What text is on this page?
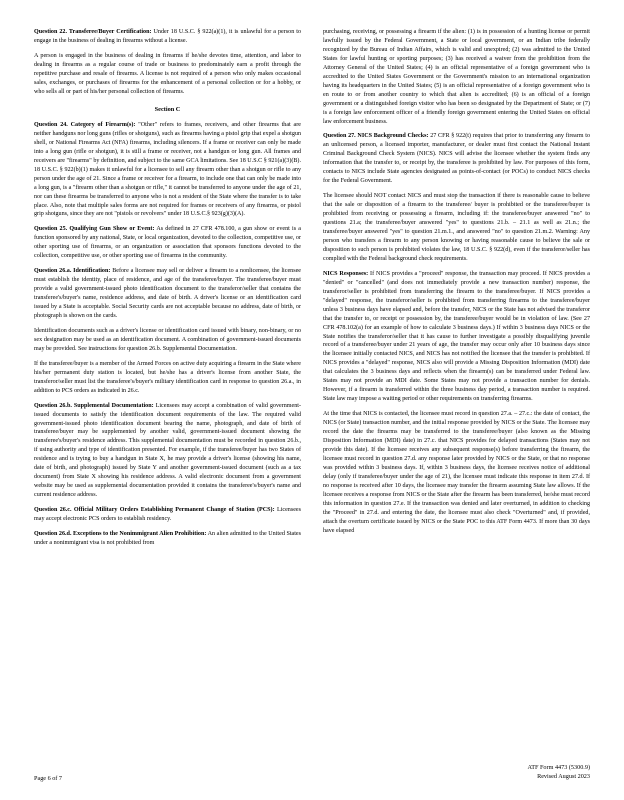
Question 22. Transferee/Buyer Certification: Under 18 U.S.C. § 922(a)(1), it is unlawful for a person to engage in the business of dealing in firearms without a license.

A person is engaged in the business of dealing in firearms if he/she devotes time, attention, and labor to dealing in firearms as a regular course of trade or business to predominately earn a profit through the repetitive purchase and resale of firearms. A license is not required of a person who only makes occasional sales, exchanges, or purchases of firearms for the enhancement of a personal collection or for a hobby, or who sells all or part of his/her personal collection of firearms.

Section C

Question 24. Category of Firearm(s): "Other" refers to frames, receivers, and other firearms that are neither handguns nor long guns (rifles or shotguns), such as firearms having a pistol grip that expel a shotgun shell, or National Firearms Act (NFA) firearms, including silencers. If a frame or receiver can only be made into a long gun (rifle or shotgun), it is still a frame or receiver, not a handgun or long gun. All frames and receivers are "firearms" by definition, and subject to the same GCA limitations. See 18 U.S.C § 921(a)(3)(B). 18 U.S.C. § 922(b)(1) makes it unlawful for a licensee to sell any firearm other than a shotgun or rifle to any person under the age of 21. Since a frame or receiver for a firearm, to include one that can only be made into a long gun, is a "firearm other than a shotgun or rifle," it cannot be transferred to anyone under the age of 21, nor can these firearms be transferred to anyone who is not a resident of the State where the transfer is to take place. Also, note that multiple sales forms are not required for frames or receivers of any firearms, or pistol grip shotguns, since they are not "pistols or revolvers" under 18 U.S.C.§ 923(g)(3)(A).

Question 25. Qualifying Gun Show or Event: As defined in 27 CFR 478.100, a gun show or event is a function sponsored by any national, State, or local organization, devoted to the collection, competitive use, or other sporting use of firearms, or an organization or association that sponsors functions devoted to the collection, competitive use, or other sporting use of firearms in the community.

Question 26.a. Identification: Before a licensee may sell or deliver a firearm to a nonlicensee, the licensee must establish the identity, place of residence, and age of the transferee/buyer. The transferee/buyer must provide a valid government-issued photo identification document to the transferor/seller that contains the transferee's/buyer's name, residence address, and date of birth. A driver's license or an identification card issued by a State is acceptable. Social Security cards are not acceptable because no address, date of birth, or photograph is shown on the cards.

Identification documents such as a driver's license or identification card issued with binary, non-binary, or no sex designation may be used as an identification document. A combination of government-issued documents may be provided. See instructions for question 26.b. Supplemental Documentation.

If the transferee/buyer is a member of the Armed Forces on active duty acquiring a firearm in the State where his/her permanent duty station is located, but he/she has a driver's license from another State, the transferor/seller must list the transferee's/buyer's military identification card in response to question 26.a., in addition to PCS orders as indicated in 26.c.

Question 26.b. Supplemental Documentation: Licensees may accept a combination of valid government-issued documents to satisfy the identification document requirements of the law. The required valid government-issued photo identification document bearing the name, photograph, and date of birth of transferee/buyer may be supplemented by another valid, government-issued document showing the transferee's/buyer's residence address. This supplemental documentation must be recorded in question 26.b., if using authority and type of identification presented. For example, if the transferee/buyer has two States of residence and is trying to buy a handgun in State X, he may provide a driver's license (showing his name, date of birth, and photograph) issued by State Y and another government-issued document (such as a tax document) from State X showing his residence address. A valid electronic document from a government website may be used as supplemental documentation provided it contains the transferee's/buyer's name and current residence address.

Question 26.c. Official Military Orders Establishing Permanent Change of Station (PCS): Licensees may accept electronic PCS orders to establish residency.

Question 26.d. Exceptions to the Nonimmigrant Alien Prohibition: An alien admitted to the United States under a nonimmigrant visa is not prohibited from

purchasing, receiving, or possessing a firearm if the alien: (1) is in possession of a hunting license or permit lawfully issued by the Federal Government, a State or local government, or an Indian tribe federally recognized by the Bureau of Indian Affairs, which is valid and unexpired; (2) was admitted to the United States for lawful hunting or sporting purposes; (3) has received a waiver from the prohibition from the Attorney General of the United States; (4) is an official representative of a foreign government who is accredited to the United States Government or the Government's mission to an international organization having its headquarters in the United States; (5) is an official representative of a foreign government who is en route to or from another country to which that alien is accredited; (6) is an official of a foreign government or a distinguished foreign visitor who has been so designated by the Department of State; or (7) is a foreign law enforcement officer of a friendly foreign government entering the United States on official law enforcement business.

Question 27. NICS Background Checks: 27 CFR § 922(t) requires that prior to transferring any firearm to an unlicensed person, a licensed importer, manufacturer, or dealer must first contact the National Instant Criminal Background Check System (NICS). NICS will advise the licensee whether the system finds any information that the transfer to, or receipt by, the transferee is prohibited by law. For purposes of this form, contacts to NICS include State agencies designated as points-of-contact (or POCs) to conduct NICS checks for the Federal Government.

The licensee should NOT contact NICS and must stop the transaction if there is reasonable cause to believe that the sale or disposition of a firearm to the transferee/ buyer is prohibited or the transferee/buyer is prohibited from receiving or possessing a firearm, including if: the transferee/buyer answered "no" to questions 21.a; the transferee/buyer answered "yes" to questions 21.b. – 21.1 as well as 21.n.; the transferee/buyer answered "yes" to question 21.m.1., and answered "no" to question 21.m.2. Warning: Any person who transfers a firearm to any person knowing or having reasonable cause to believe the sale or disposition to such person is prohibited violates the law, 18 U.S.C. § 922(d), even if the transferor/seller has complied with the Federal background check requirements.

NICS Responses: If NICS provides a "proceed" response, the transaction may proceed. If NICS provides a "denied" or "cancelled" (and does not immediately provide a new transaction number) response, the transferor/seller is prohibited from transferring the firearm to the transferee/buyer. If NICS provides a "delayed" response, the transferor/seller is prohibited from transferring firearms to the transferee/buyer unless 3 business days have elapsed and, before the transfer, NICS or the State has not advised the transferor that the transfer to, or receipt or possession by, the transferee/buyer would be in violation of law. (See 27 CFR 478.102(a) for an example of how to calculate 3 business days.) If within 3 business days NICS or the State notifies the transferor/seller that it has cause to further investigate a possibly disqualifying juvenile record of a transferee/buyer under 21 years of age, the transfer may occur only after 10 business days since the licensee initially contacted NICS, and NICS has not notified the licensee that the transfer is prohibited. If NICS provides a "delayed" response, NICS also will provide a Missing Disposition Information (MDI) date that calculates the 3 business days and reflects when the firearm(s) can be transferred under Federal law. States may not provide an MDI date. Some States may not provide a transaction number for denials. However, if a firearm is transferred within the three business day period, a transaction number is required. State law may impose a waiting period or other requirements on transferring firearms.

At the time that NICS is contacted, the licensee must record in question 27.a. – 27.c.: the date of contact, the NICS (or State) transaction number, and the initial response provided by NICS or the State. The licensee may record the date the firearms may be transferred to the transferee/buyer (also known as the Missing Disposition Information (MDI) date) in 27.c. that NICS provides for delayed transactions (States may not provide this date). If the licensee receives any subsequent response(s) before transferring the firearm, the licensee must record in question 27.d. any response later provided by NICS or the State, or that no response was provided within 3 business days. If, within 3 business days, the licensee receives notice of additional delay (only if transferee/buyer under the age of 21), the licensee must indicate this response in item 27.d. If no response is received after 10 days, the licensee may transfer the firearm assuming State law allows. If the licensee receives a response from NICS or the State after the firearm has been transferred, he/she must record this information in question 27.e. If the transaction was denied and later overturned, in addition to checking the "Proceed" in 27.d. and entering the date, the licensee must also check "Overturned" and, if provided, attach the overturn certificate issued by NICS or the State POC to this ATF Form 4473. If more than 30 days have elapsed

Page 6 of 7
ATF Form 4473 (5300.9)
Revised August 2023
